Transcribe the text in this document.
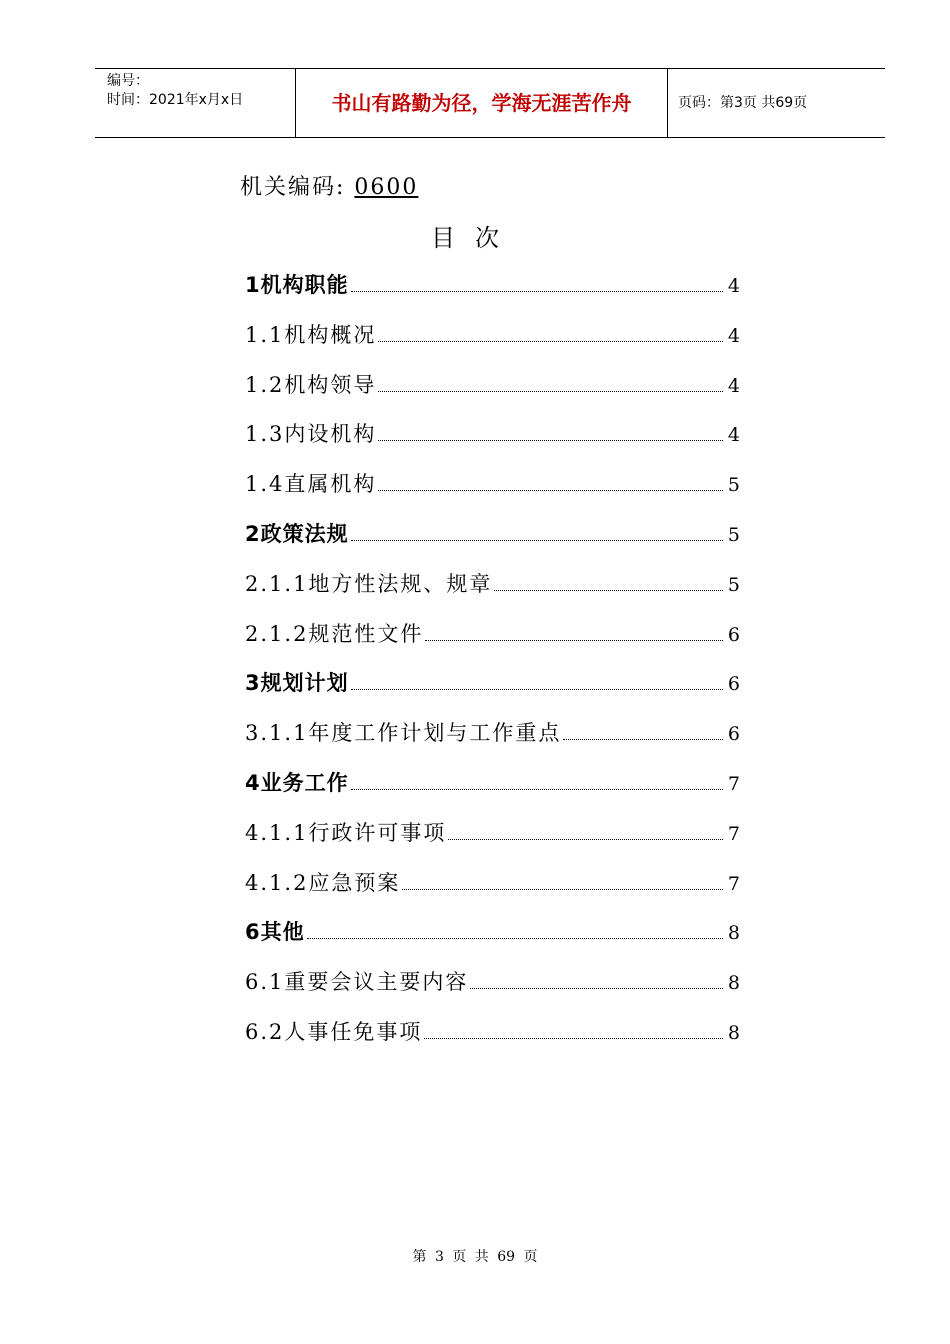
编号：
时间：2021年x月x日	书山有路勤为径，学海无涯苦作舟	页码：第3页 共69页
机关编码: 0600
目次
1机构职能	4
1.1机构概况	4
1.2机构领导	4
1.3内设机构	4
1.4直属机构	5
2政策法规	5
2.1.1地方性法规、规章	5
2.1.2规范性文件	6
3规划计划	6
3.1.1年度工作计划与工作重点	6
4业务工作	7
4.1.1行政许可事项	7
4.1.2应急预案	7
6其他	8
6.1重要会议主要内容	8
6.2人事任免事项	8
第 3 页 共 69 页
